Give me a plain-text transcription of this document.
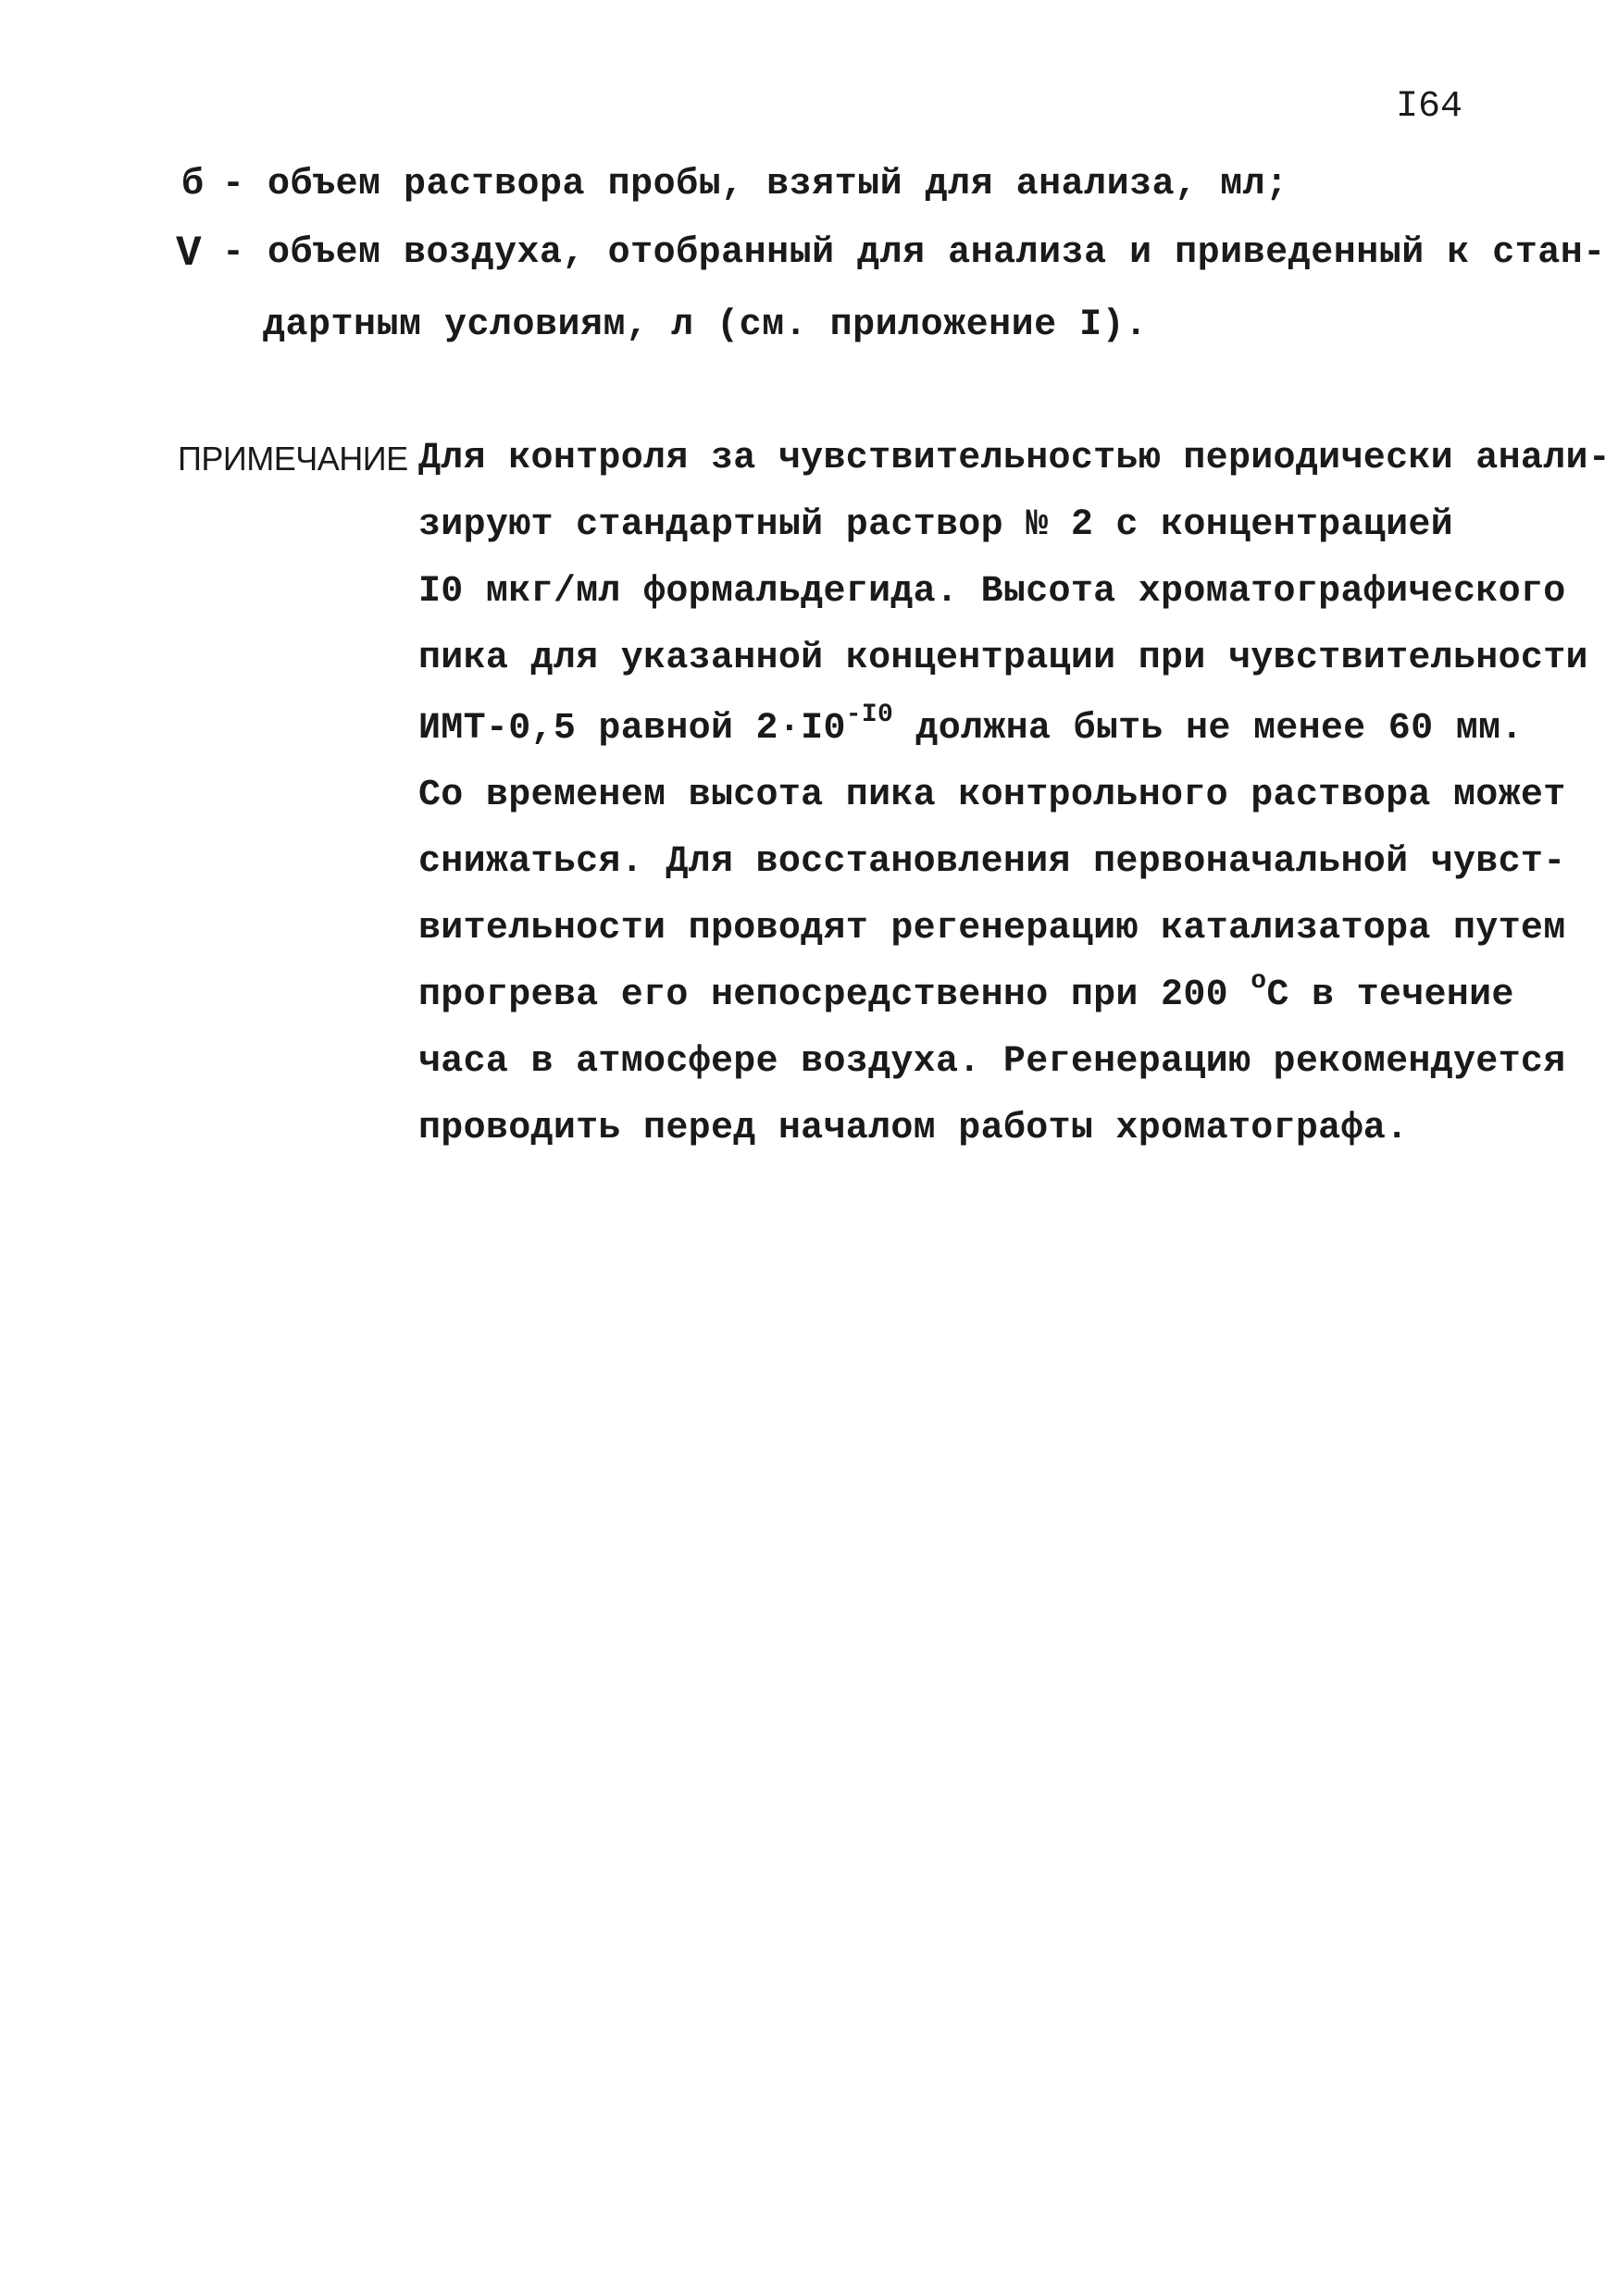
I64
б - объем раствора пробы, взятый для анализа, мл;
V - объем воздуха, отобранный для анализа и приведенный к стан-
дартным условиям, л (см. приложение I).
ПРИМЕЧАНИЕ Для контроля за чувствительностью периодически анали-
зируют стандартный раствор № 2 с концентрацией
I0 мкг/мл формальдегида. Высота хроматографического
пика для указанной концентрации при чувствительности
ИМТ-0,5 равной $2\cdot I0^{-I0}$ должна быть не менее 60 мм.
Со временем высота пика контрольного раствора может
снижаться. Для восстановления первоначальной чувст-
вительности проводят регенерацию катализатора путем
прогрева его непосредственно при 200 $^о$С в течение
часа в атмосфере воздуха. Регенерацию рекомендуется
проводить перед началом работы хроматографа.
